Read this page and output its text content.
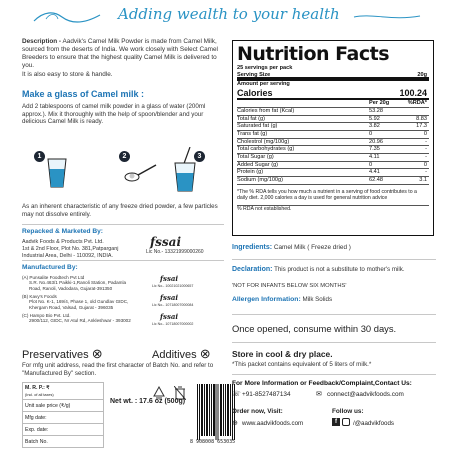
Adding wealth to your health
Description - Aadvik's Camel Milk Powder is made from Camel Milk, sourced from the deserts of India. We work closely with Select Camel Breeders to ensure that the highest quality Camel Milk is delivered to you.
It is also easy to store & handle.
Make a glass of Camel milk :
Add 2 tablespoons of camel milk powder in a glass of water (200ml approx.). Mix it thoroughly with the help of spoon/blender and your delicious Camel Milk is ready.
1	2	3
As an inherent characteristic of any freeze dried powder, a few particles may not dissolve entirely.
Repacked & Marketed By:
Aadvik Foods & Products Pvt. Ltd.
1st & 2nd Floor, Plot No. 381,Patparganj
Industrial Area, Delhi - 110092, INDIA.
fssai
Lic No.- 13321999000260
Manufactured By:
(A) Punsalite Foodtech Pvt Ltd
S.R. No.463/1 Paikki-1,Ranoli Station, Padamla
Road, Ranoli, Vadodara, Gujarat-391350
fssai
Lic No.- 10021021000657
(B) Kavy's Foods
Plot No. K-1, 169/4, Phase 1, old Gundlav GIDC,
Khergam Road, Valsad, Gujarat - 396035
fssai
Lic No.- 10718007000084
(C) Hampo Bio Pvt. Ltd.
2900/112, GIDC, Nr Atul Rd, Ankleshwar - 393002
fssai
Lic No.- 10718007000002
Preservatives ⊗	Additives ⊗
For mfg unit address, read the first character of Batch No. and refer to "Manufactured By" section.
M. R. P.: ₹
(Incl. of all taxes)
Unit sale price (₹/g)
Mfg date:
Exp. date:
Batch No.
Net wt. : 17.6 oz (500g)
8 908008 653035
Nutrition Facts
25 servings per pack
Serving Size	20g
Amount per serving
Calories	100.24
Per 20g	%RDA*
Calories from fat (Kcal)	53.28
Total fat (g)	5.92	8.83
Saturated fat (g)	3.82	17.3
Trans fat (g)	0	0
Cholestrol (mg/100g)	20.96	-
Total carbohydrates (g)	7.35	-
Total Sugar (g)	4.11	-
Added Sugar (g)	0	0
Protein (g)	4.41	-
Sodium (mg/100g)	62.48	3.1
*The % RDA tells you how much a nutrient in a serving of food contributes to a daily diet. 2,000 calories a day is used for general nutrition advice
% RDA not established.
Ingredients: Camel Milk ( Freeze dried )
Declaration: This product is not a substitute to mother's milk.
'NOT FOR INFANTS BELOW SIX MONTHS'
Allergen Information: Milk Solids
Once opened, consume within 30 days.
Store in cool & dry place.
*This packet contains equivalent of 5 liters of milk.*
For More Information or Feedback/Complaint,Contact Us:
☏ +91-8527487134	✉ connect@aadvikfoods.com
Order now, Visit:	Follow us:
⊕ www.aadvikfoods.com	f	/@aadvikfoods
